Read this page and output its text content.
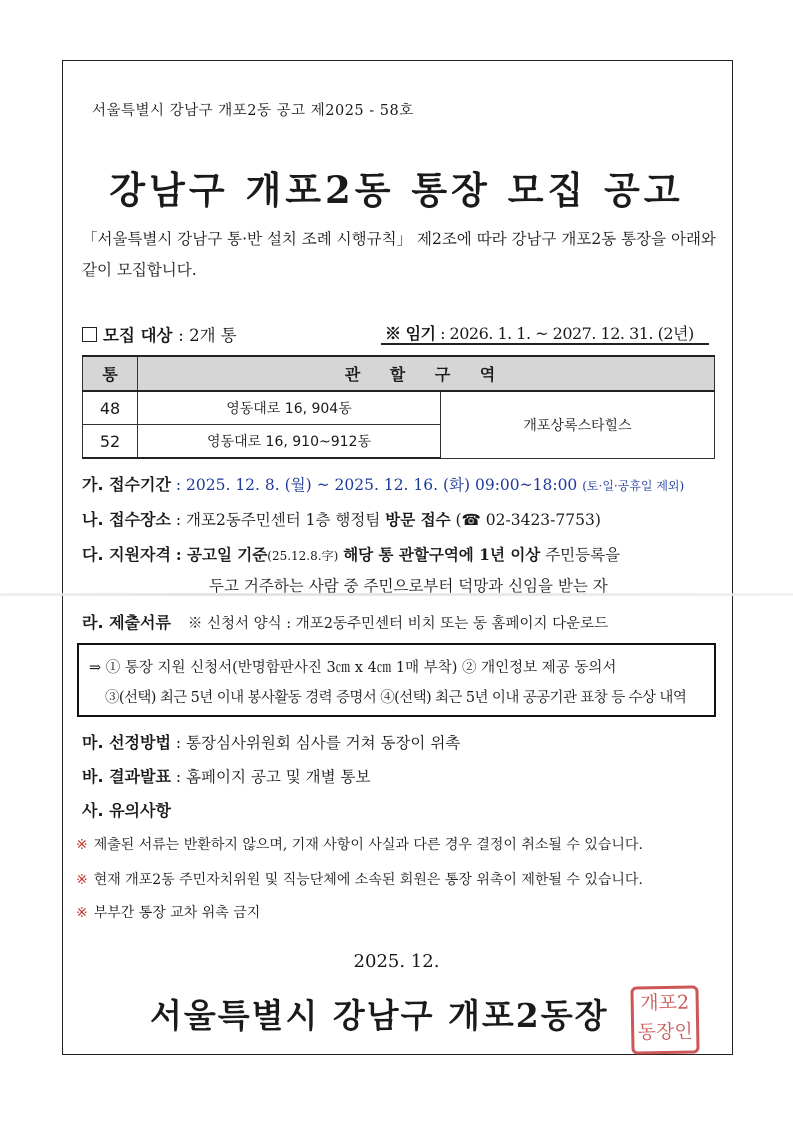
서울특별시 강남구 개포2동 공고 제2025 - 58호
강남구 개포2동 통장 모집 공고
「서울특별시 강남구 통·반 설치 조례 시행규칙」 제2조에 따라 강남구 개포2동 통장을 아래와 같이 모집합니다.
모집 대상 : 2개 통	※ 임기 : 2026. 1. 1. ~ 2027. 12. 31. (2년)
통	관 할 구 역	
48	영동대로 16, 904동	개포상록스타힐스
52	영동대로 16, 910~912동	
가. 접수기간 : 2025. 12. 8. (월) ~ 2025. 12. 16. (화) 09:00~18:00 (토·일·공휴일 제외)
나. 접수장소 : 개포2동주민센터 1층 행정팀 방문 접수 (☎ 02-3423-7753)
다. 지원자격 : 공고일 기준(25.12.8.字) 해당 통 관할구역에 1년 이상 주민등록을
두고 거주하는 사람 중 주민으로부터 덕망과 신임을 받는 자
라. 제출서류 ※ 신청서 양식 : 개포2동주민센터 비치 또는 동 홈페이지 다운로드
⇒ ① 통장 지원 신청서(반명함판사진 3㎝ x 4㎝ 1매 부착) ② 개인정보 제공 동의서
③(선택) 최근 5년 이내 봉사활동 경력 증명서 ④(선택) 최근 5년 이내 공공기관 표창 등 수상 내역
마. 선정방법 : 통장심사위원회 심사를 거쳐 동장이 위촉
바. 결과발표 : 홈페이지 공고 및 개별 통보
사. 유의사항
※ 제출된 서류는 반환하지 않으며, 기재 사항이 사실과 다른 경우 결정이 취소될 수 있습니다.
※ 현재 개포2동 주민자치위원 및 직능단체에 소속된 회원은 통장 위촉이 제한될 수 있습니다.
※ 부부간 통장 교차 위촉 금지
2025. 12.
서울특별시 강남구 개포2동장	개포2
동장인
